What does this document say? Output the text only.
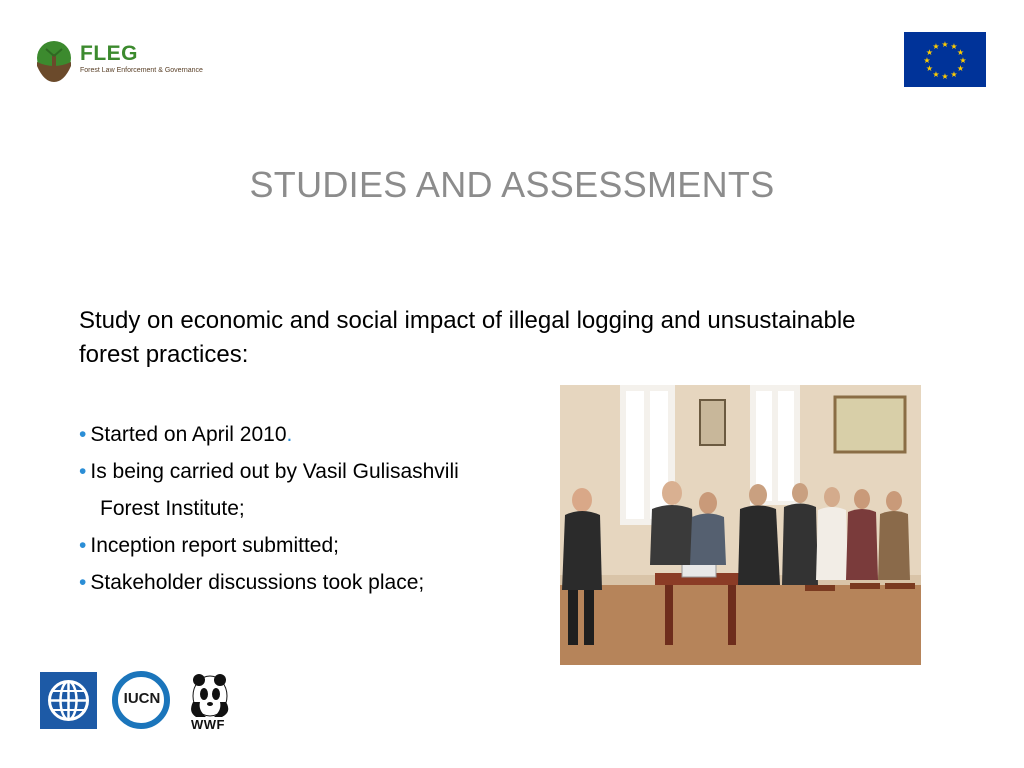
FLEG
Forest Law Enforcement & Governance
★ ★
★
★
★
★
★
★
★
★
★
★
STUDIES AND ASSESSMENTS
Study on economic and social impact of illegal logging and unsustainable forest practices:
• Started on April 2010.
• Is being carried out by Vasil Gulisashvili
Forest Institute;
• Inception report submitted;
• Stakeholder discussions took place;
IUCN
WWF
